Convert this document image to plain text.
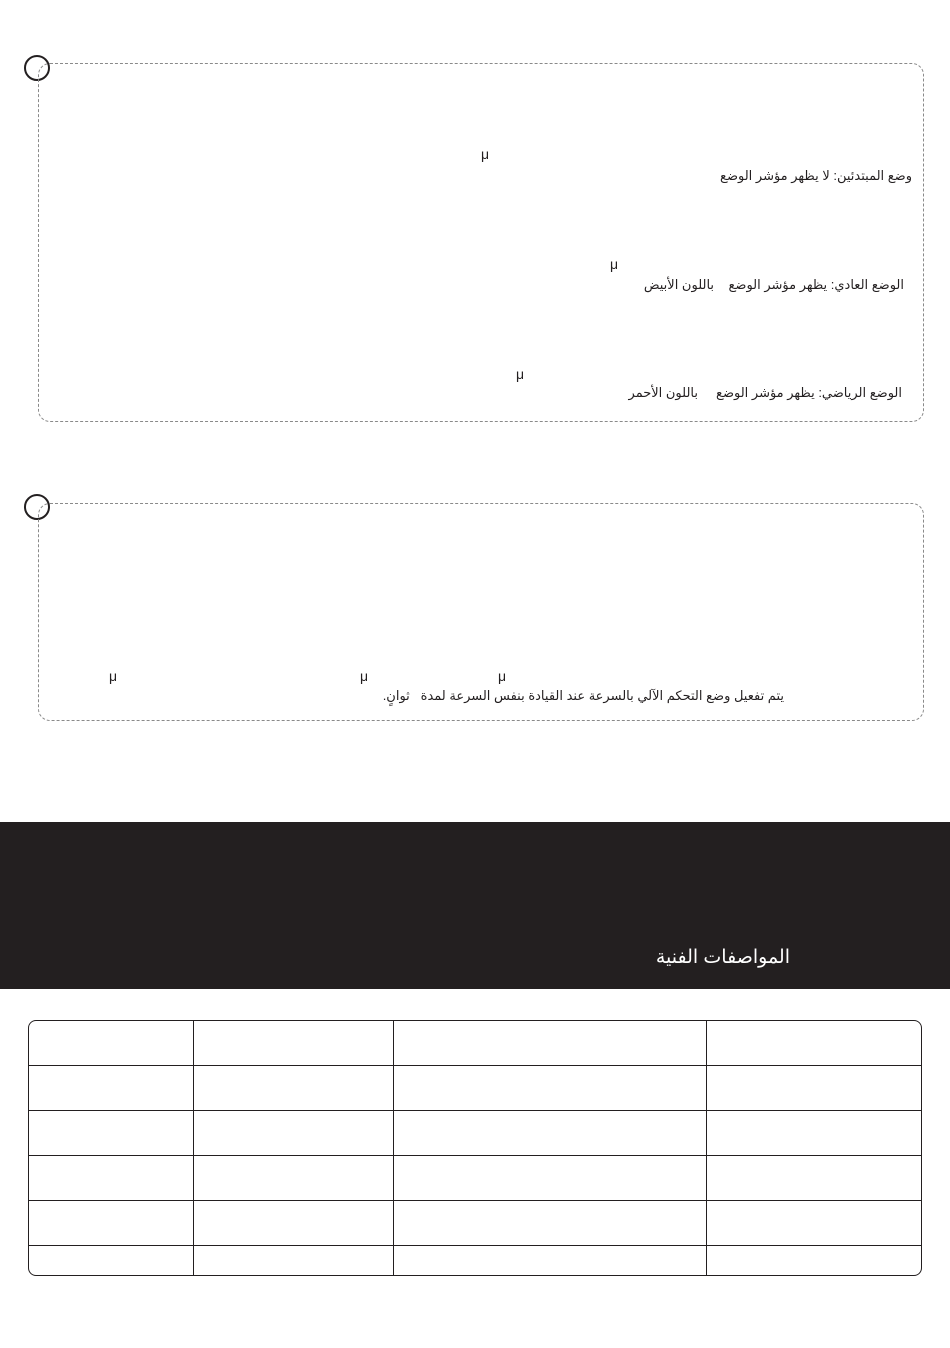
μ
وضع المبتدئين: لا يظهر مؤشر الوضع
μ
الوضع العادي: يظهر مؤشر الوضع    باللون الأبيض
μ
الوضع الرياضي: يظهر مؤشر الوضع     باللون الأحمر
μ	μ	μ
يتم تفعيل وضع التحكم الآلي بالسرعة عند القيادة بنفس السرعة لمدة   ثوانٍ.
المواصفات الفنية
